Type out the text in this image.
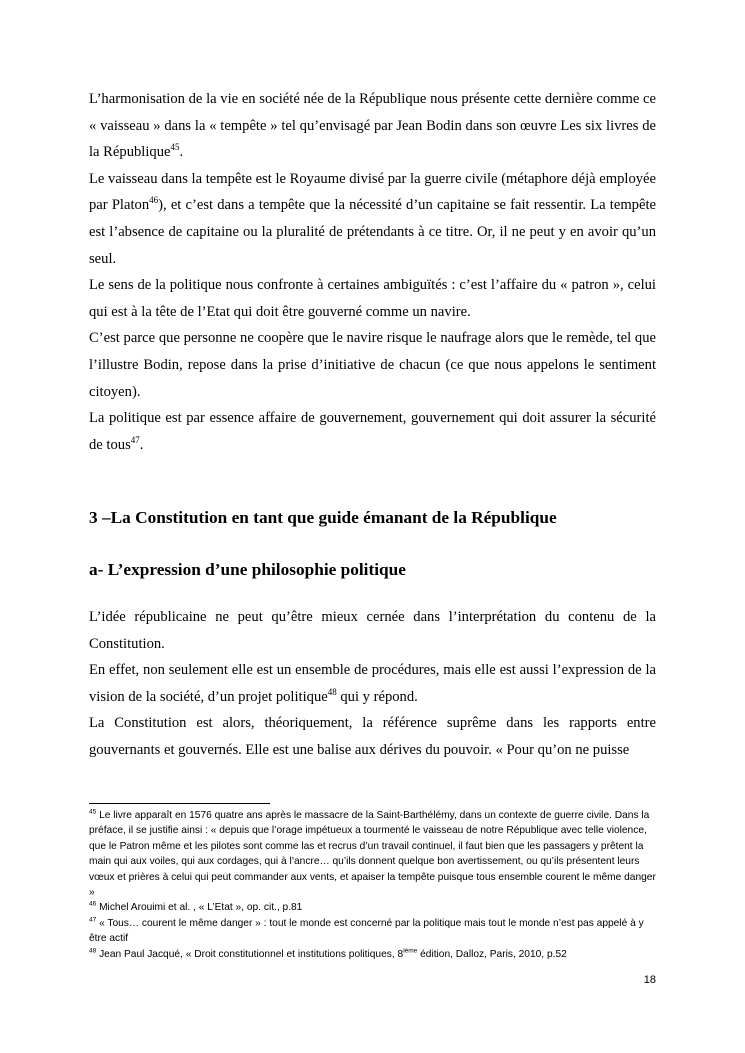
L’harmonisation de la vie en société née de la République nous présente cette dernière comme ce « vaisseau » dans la « tempête » tel qu’envisagé par Jean Bodin dans son œuvre Les six livres de la République$^{45}$.

Le vaisseau dans la tempête est le Royaume divisé par la guerre civile (métaphore déjà employée par Platon$^{46}$), et c’est dans a tempête que la nécessité d’un capitaine se fait ressentir. La tempête est l’absence de capitaine ou la pluralité de prétendants à ce titre. Or, il ne peut y en avoir qu’un seul.

Le sens de la politique nous confronte à certaines ambiguïtés : c’est l’affaire du « patron », celui qui est à la tête de l’Etat qui doit être gouverné comme un navire.

C’est parce que personne ne coopère que le navire risque le naufrage alors que le remède, tel que l’illustre Bodin, repose dans la prise d’initiative de chacun (ce que nous appelons le sentiment citoyen).

La politique est par essence affaire de gouvernement, gouvernement qui doit assurer la sécurité de tous$^{47}$.

3 –La Constitution en tant que guide émanant de la République
a- L’expression d’une philosophie politique

L’idée républicaine ne peut qu’être mieux cernée dans l’interprétation du contenu de la Constitution.

En effet, non seulement elle est un ensemble de procédures, mais elle est aussi l’expression de la vision de la société, d’un projet politique$^{48}$ qui y répond.

La Constitution est alors, théoriquement, la référence suprême dans les rapports entre gouvernants et gouvernés. Elle est une balise aux dérives du pouvoir. « Pour qu’on ne puisse

$^{45}$ Le livre apparaît en 1576 quatre ans après le massacre de la Saint-Barthélémy, dans un contexte de guerre civile. Dans la préface, il se justifie ainsi : « depuis que l’orage impétueux a tourmenté le vaisseau de notre République avec telle violence, que le Patron même et les pilotes sont comme las et recrus d’un travail continuel, il faut bien que les passagers y prêtent la main qui aux voiles, qui aux cordages, qui à l’ancre… qu’ils donnent quelque bon avertissement, ou qu’ils présentent leurs vœux et prières à celui qui peut commander aux vents, et apaiser la tempête puisque tous ensemble courent le même danger »

$^{46}$ Michel Arouimi et al. , « L’Etat », op. cit., p.81

$^{47}$ « Tous… courent le même danger » : tout le monde est concerné par la politique mais tout le monde n’est pas appelé à y être actif

$^{48}$ Jean Paul Jacqué, « Droit constitutionnel et institutions politiques, 8ième édition, Dalloz, Paris, 2010, p.52

18
